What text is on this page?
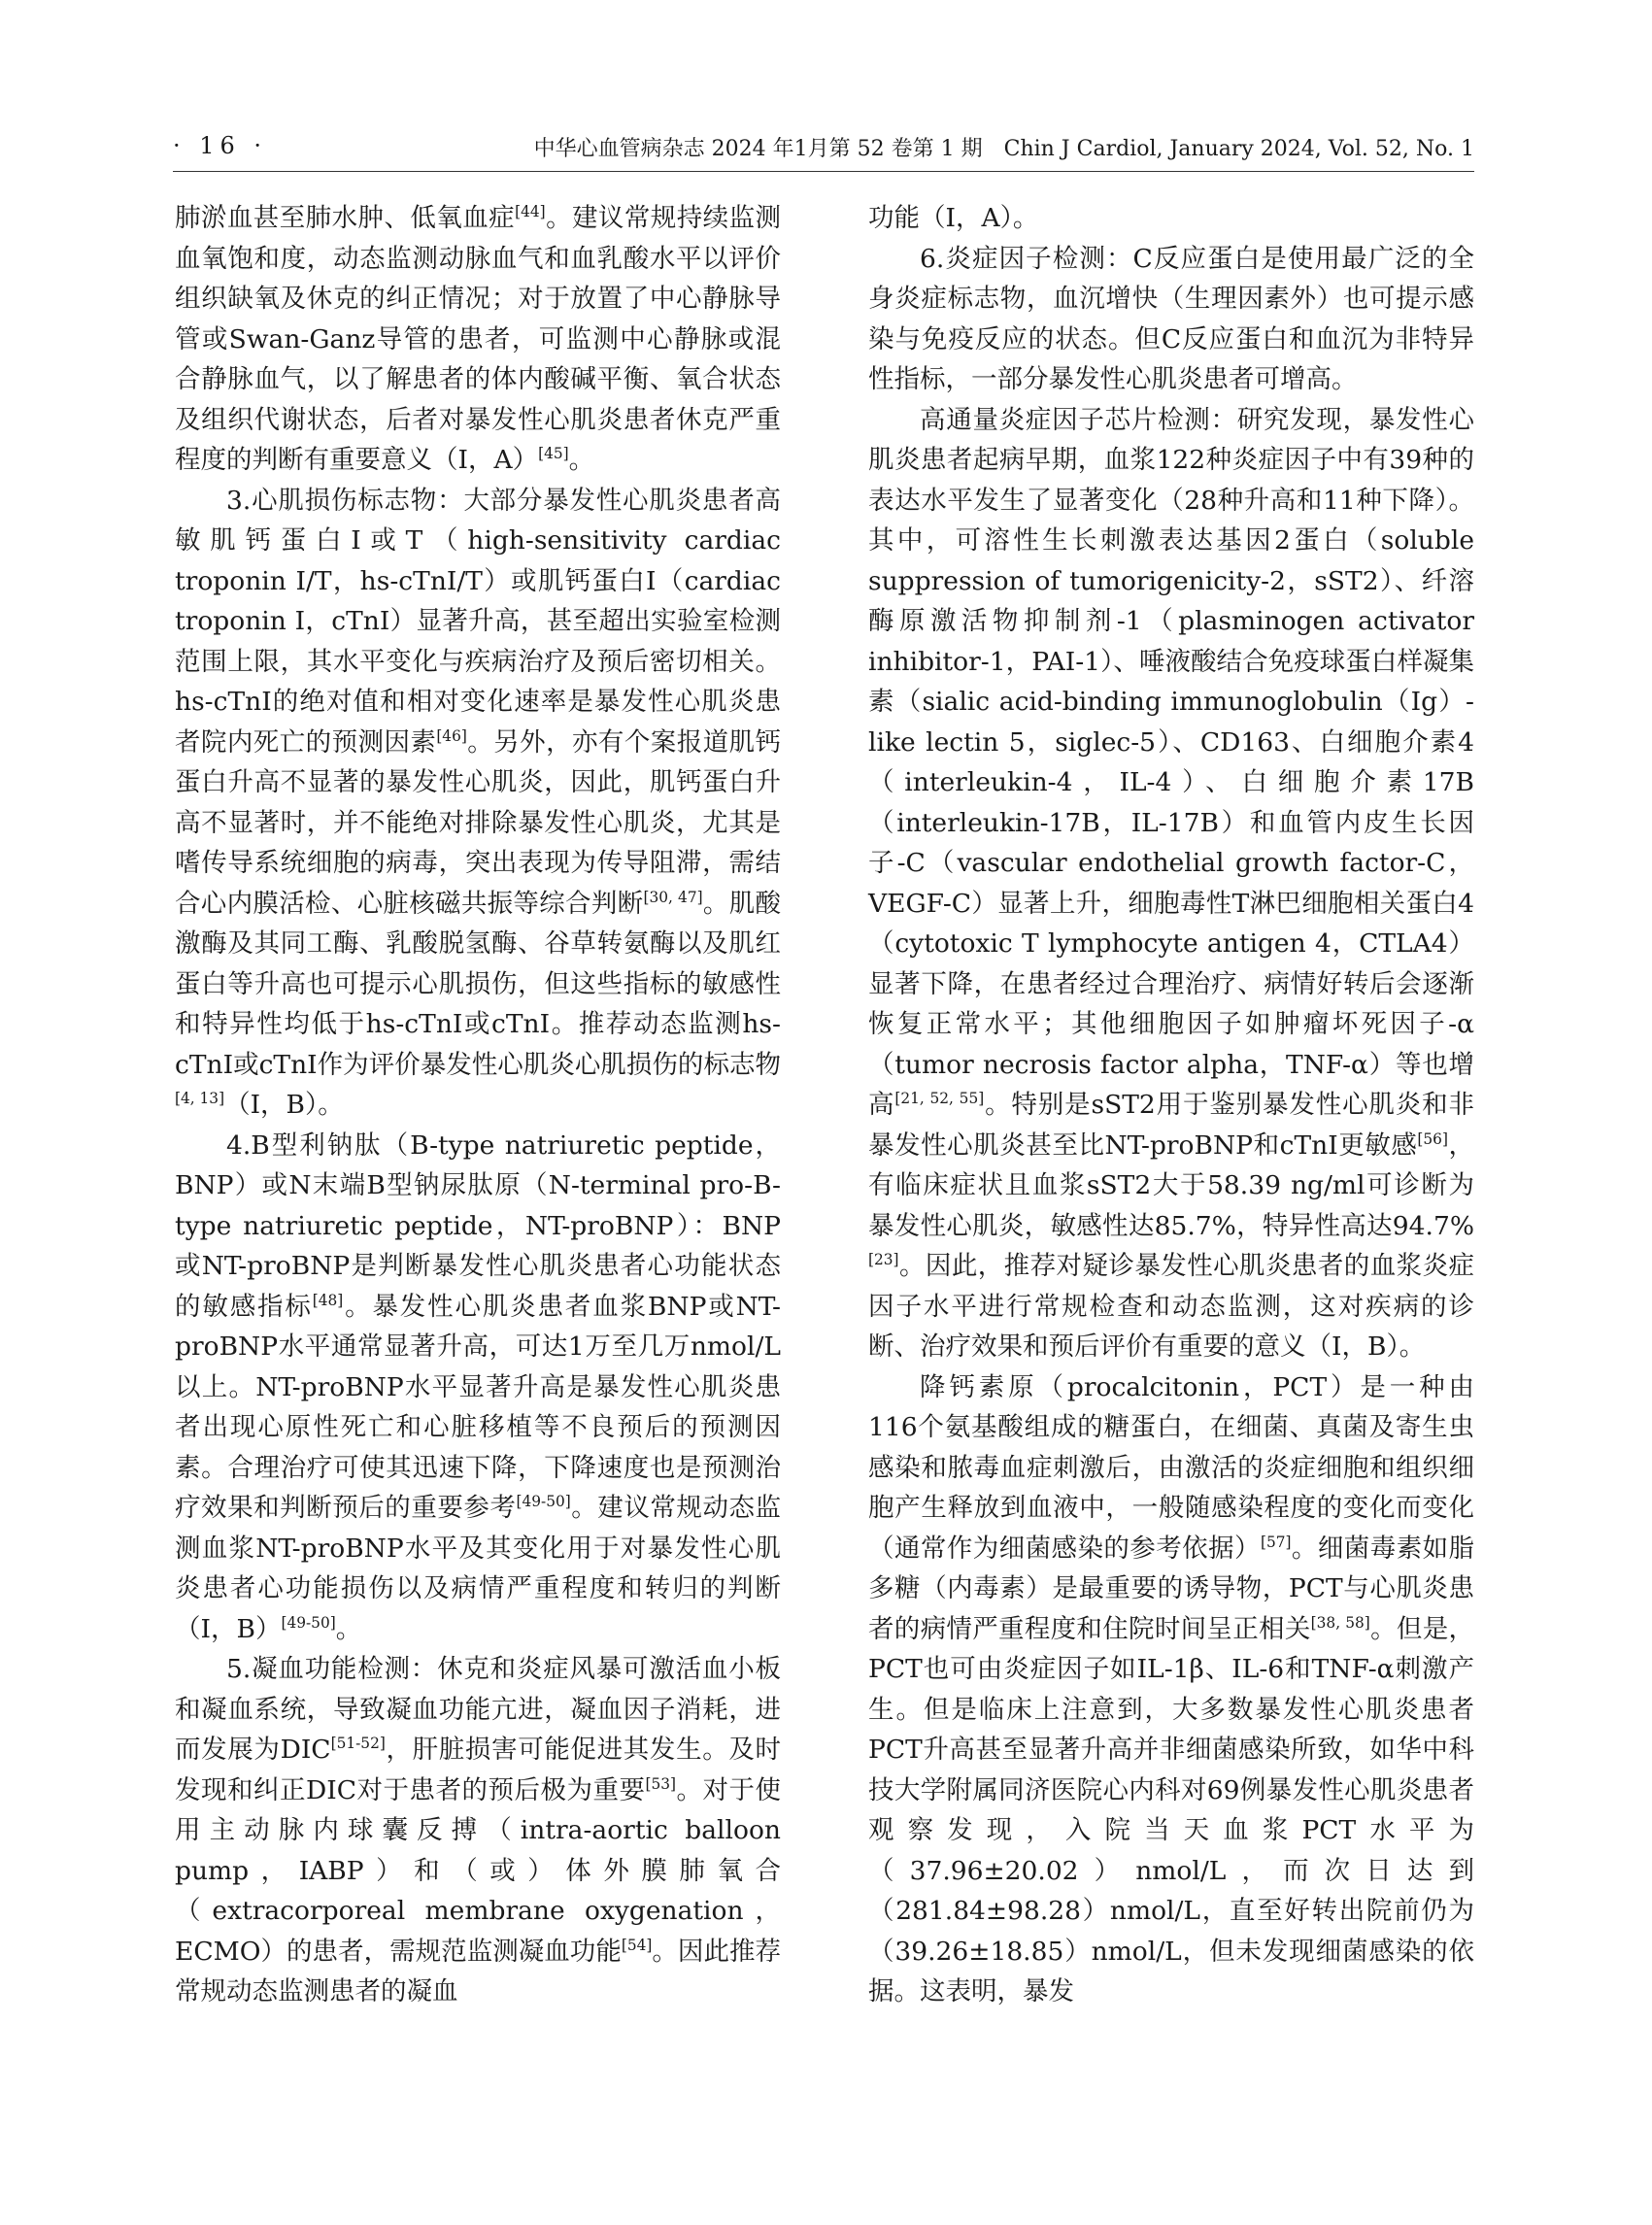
· 16 ·	中华心血管病杂志 2024 年1月第 52 卷第 1 期　Chin J Cardiol, January 2024, Vol. 52, No. 1

肺淤血甚至肺水肿、低氧血症[44]。建议常规持续监测血氧饱和度，动态监测动脉血气和血乳酸水平以评价组织缺氧及休克的纠正情况；对于放置了中心静脉导管或Swan-Ganz导管的患者，可监测中心静脉或混合静脉血气，以了解患者的体内酸碱平衡、氧合状态及组织代谢状态，后者对暴发性心肌炎患者休克严重程度的判断有重要意义（Ⅰ，A）[45]。

3.心肌损伤标志物：大部分暴发性心肌炎患者高敏肌钙蛋白Ⅰ或T（high-sensitivity cardiac troponin I/T，hs-cTnI/T）或肌钙蛋白Ⅰ（cardiac troponin I，cTnI）显著升高，甚至超出实验室检测范围上限，其水平变化与疾病治疗及预后密切相关。hs-cTnI的绝对值和相对变化速率是暴发性心肌炎患者院内死亡的预测因素[46]。另外，亦有个案报道肌钙蛋白升高不显著的暴发性心肌炎，因此，肌钙蛋白升高不显著时，并不能绝对排除暴发性心肌炎，尤其是嗜传导系统细胞的病毒，突出表现为传导阻滞，需结合心内膜活检、心脏核磁共振等综合判断[30, 47]。肌酸激酶及其同工酶、乳酸脱氢酶、谷草转氨酶以及肌红蛋白等升高也可提示心肌损伤，但这些指标的敏感性和特异性均低于hs-cTnI或cTnI。推荐动态监测hs-cTnI或cTnI作为评价暴发性心肌炎心肌损伤的标志物[4, 13]（Ⅰ，B）。

4.B型利钠肽（B-type natriuretic peptide，BNP）或N末端B型钠尿肽原（N-terminal pro-B-type natriuretic peptide，NT-proBNP）：BNP或NT-proBNP是判断暴发性心肌炎患者心功能状态的敏感指标[48]。暴发性心肌炎患者血浆BNP或NT-proBNP水平通常显著升高，可达1万至几万nmol/L以上。NT-proBNP水平显著升高是暴发性心肌炎患者出现心原性死亡和心脏移植等不良预后的预测因素。合理治疗可使其迅速下降，下降速度也是预测治疗效果和判断预后的重要参考[49-50]。建议常规动态监测血浆NT-proBNP水平及其变化用于对暴发性心肌炎患者心功能损伤以及病情严重程度和转归的判断（Ⅰ，B）[49-50]。

5.凝血功能检测：休克和炎症风暴可激活血小板和凝血系统，导致凝血功能亢进，凝血因子消耗，进而发展为DIC[51-52]，肝脏损害可能促进其发生。及时发现和纠正DIC对于患者的预后极为重要[53]。对于使用主动脉内球囊反搏（intra-aortic balloon pump，IABP）和（或）体外膜肺氧合（extracorporeal membrane oxygenation，ECMO）的患者，需规范监测凝血功能[54]。因此推荐常规动态监测患者的凝血

功能（Ⅰ，A）。

6.炎症因子检测：C反应蛋白是使用最广泛的全身炎症标志物，血沉增快（生理因素外）也可提示感染与免疫反应的状态。但C反应蛋白和血沉为非特异性指标，一部分暴发性心肌炎患者可增高。

高通量炎症因子芯片检测：研究发现，暴发性心肌炎患者起病早期，血浆122种炎症因子中有39种的表达水平发生了显著变化（28种升高和11种下降）。其中，可溶性生长刺激表达基因2蛋白（soluble suppression of tumorigenicity-2，sST2）、纤溶酶原激活物抑制剂-1（plasminogen activator inhibitor-1，PAI-1）、唾液酸结合免疫球蛋白样凝集素（sialic acid-binding immunoglobulin（Ig）-like lectin 5，siglec-5）、CD163、白细胞介素4（interleukin-4，IL-4）、白细胞介素17B（interleukin-17B，IL-17B）和血管内皮生长因子-C（vascular endothelial growth factor-C，VEGF-C）显著上升，细胞毒性T淋巴细胞相关蛋白4（cytotoxic T lymphocyte antigen 4，CTLA4）显著下降，在患者经过合理治疗、病情好转后会逐渐恢复正常水平；其他细胞因子如肿瘤坏死因子-α（tumor necrosis factor alpha，TNF-α）等也增高[21, 52, 55]。特别是sST2用于鉴别暴发性心肌炎和非暴发性心肌炎甚至比NT-proBNP和cTnI更敏感[56]，有临床症状且血浆sST2大于58.39 ng/ml可诊断为暴发性心肌炎，敏感性达85.7%，特异性高达94.7%[23]。因此，推荐对疑诊暴发性心肌炎患者的血浆炎症因子水平进行常规检查和动态监测，这对疾病的诊断、治疗效果和预后评价有重要的意义（Ⅰ，B）。

降钙素原（procalcitonin，PCT）是一种由116个氨基酸组成的糖蛋白，在细菌、真菌及寄生虫感染和脓毒血症刺激后，由激活的炎症细胞和组织细胞产生释放到血液中，一般随感染程度的变化而变化（通常作为细菌感染的参考依据）[57]。细菌毒素如脂多糖（内毒素）是最重要的诱导物，PCT与心肌炎患者的病情严重程度和住院时间呈正相关[38, 58]。但是，PCT也可由炎症因子如IL-1β、IL-6和TNF-α刺激产生。但是临床上注意到，大多数暴发性心肌炎患者PCT升高甚至显著升高并非细菌感染所致，如华中科技大学附属同济医院心内科对69例暴发性心肌炎患者观察发现，入院当天血浆PCT水平为（37.96±20.02）nmol/L，而次日达到（281.84±98.28）nmol/L，直至好转出院前仍为（39.26±18.85）nmol/L，但未发现细菌感染的依据。这表明，暴发
